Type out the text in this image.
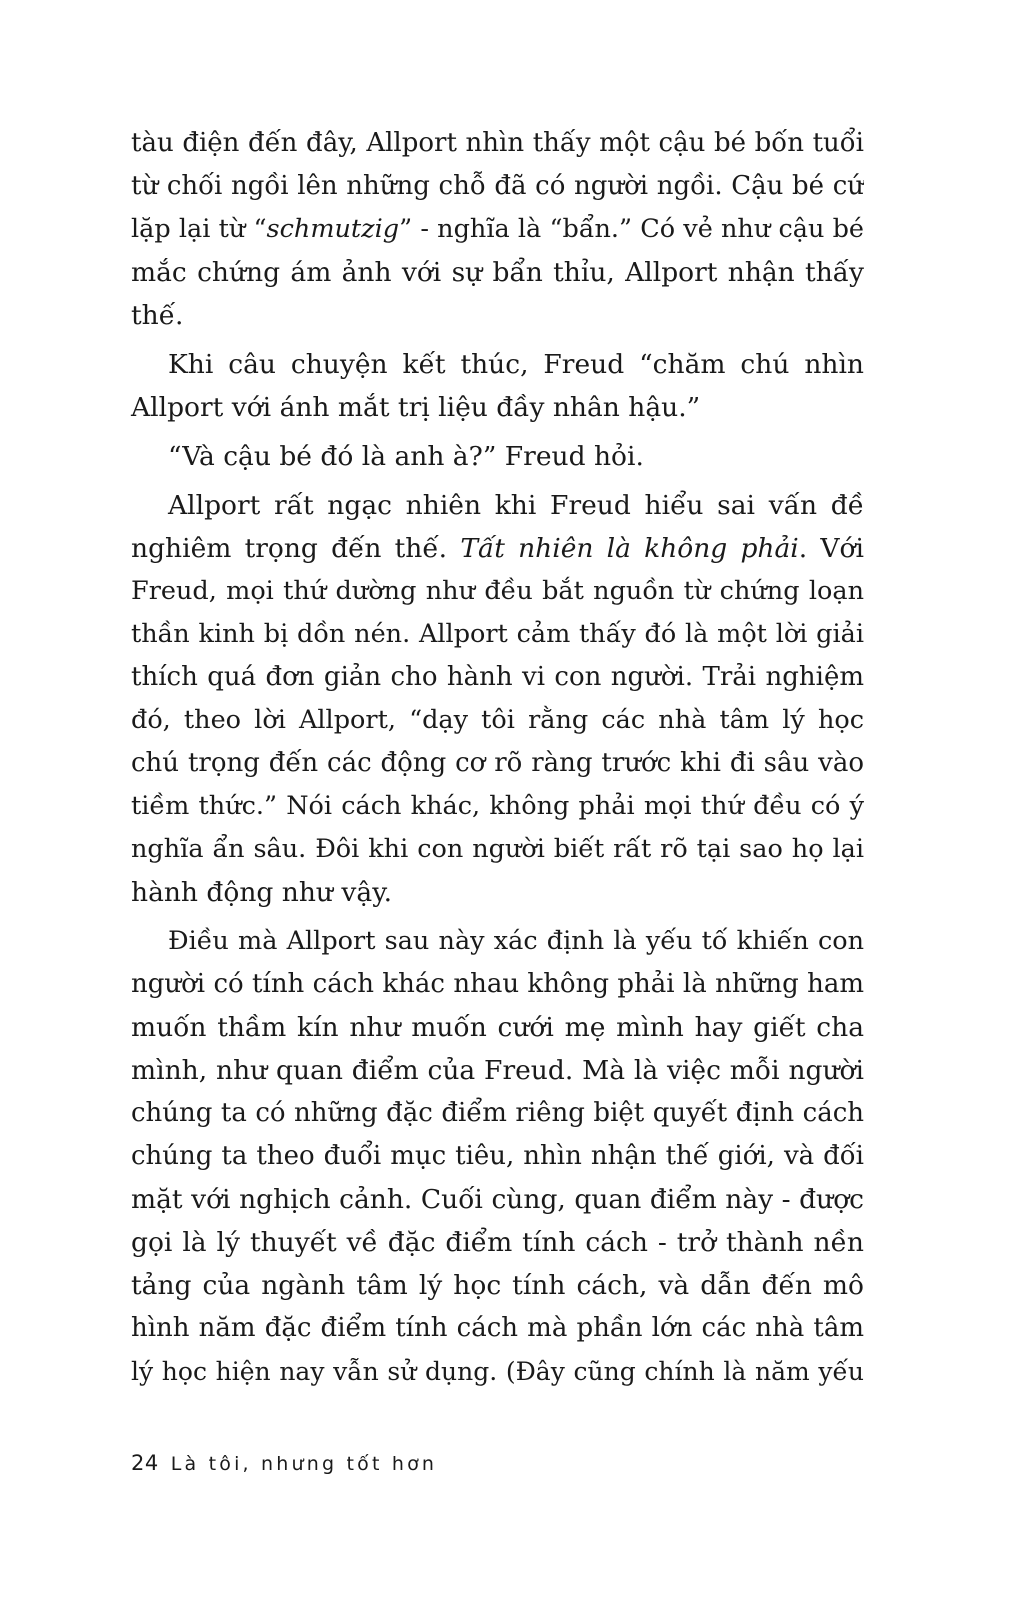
tàu điện đến đây, Allport nhìn thấy một cậu bé bốn tuổi
từ chối ngồi lên những chỗ đã có người ngồi. Cậu bé cứ
lặp lại từ “schmutzig” - nghĩa là “bẩn.” Có vẻ như cậu bé
mắc chứng ám ảnh với sự bẩn thỉu, Allport nhận thấy
thế.
Khi câu chuyện kết thúc, Freud “chăm chú nhìn
Allport với ánh mắt trị liệu đầy nhân hậu.”
“Và cậu bé đó là anh à?” Freud hỏi.
Allport rất ngạc nhiên khi Freud hiểu sai vấn đề
nghiêm trọng đến thế. Tất nhiên là không phải. Với
Freud, mọi thứ dường như đều bắt nguồn từ chứng loạn
thần kinh bị dồn nén. Allport cảm thấy đó là một lời giải
thích quá đơn giản cho hành vi con người. Trải nghiệm
đó, theo lời Allport, “dạy tôi rằng các nhà tâm lý học
chú trọng đến các động cơ rõ ràng trước khi đi sâu vào
tiềm thức.” Nói cách khác, không phải mọi thứ đều có ý
nghĩa ẩn sâu. Đôi khi con người biết rất rõ tại sao họ lại
hành động như vậy.
Điều mà Allport sau này xác định là yếu tố khiến con
người có tính cách khác nhau không phải là những ham
muốn thầm kín như muốn cưới mẹ mình hay giết cha
mình, như quan điểm của Freud. Mà là việc mỗi người
chúng ta có những đặc điểm riêng biệt quyết định cách
chúng ta theo đuổi mục tiêu, nhìn nhận thế giới, và đối
mặt với nghịch cảnh. Cuối cùng, quan điểm này - được
gọi là lý thuyết về đặc điểm tính cách - trở thành nền
tảng của ngành tâm lý học tính cách, và dẫn đến mô
hình năm đặc điểm tính cách mà phần lớn các nhà tâm
lý học hiện nay vẫn sử dụng. (Đây cũng chính là năm yếu
24 Là tôi, nhưng tốt hơn
